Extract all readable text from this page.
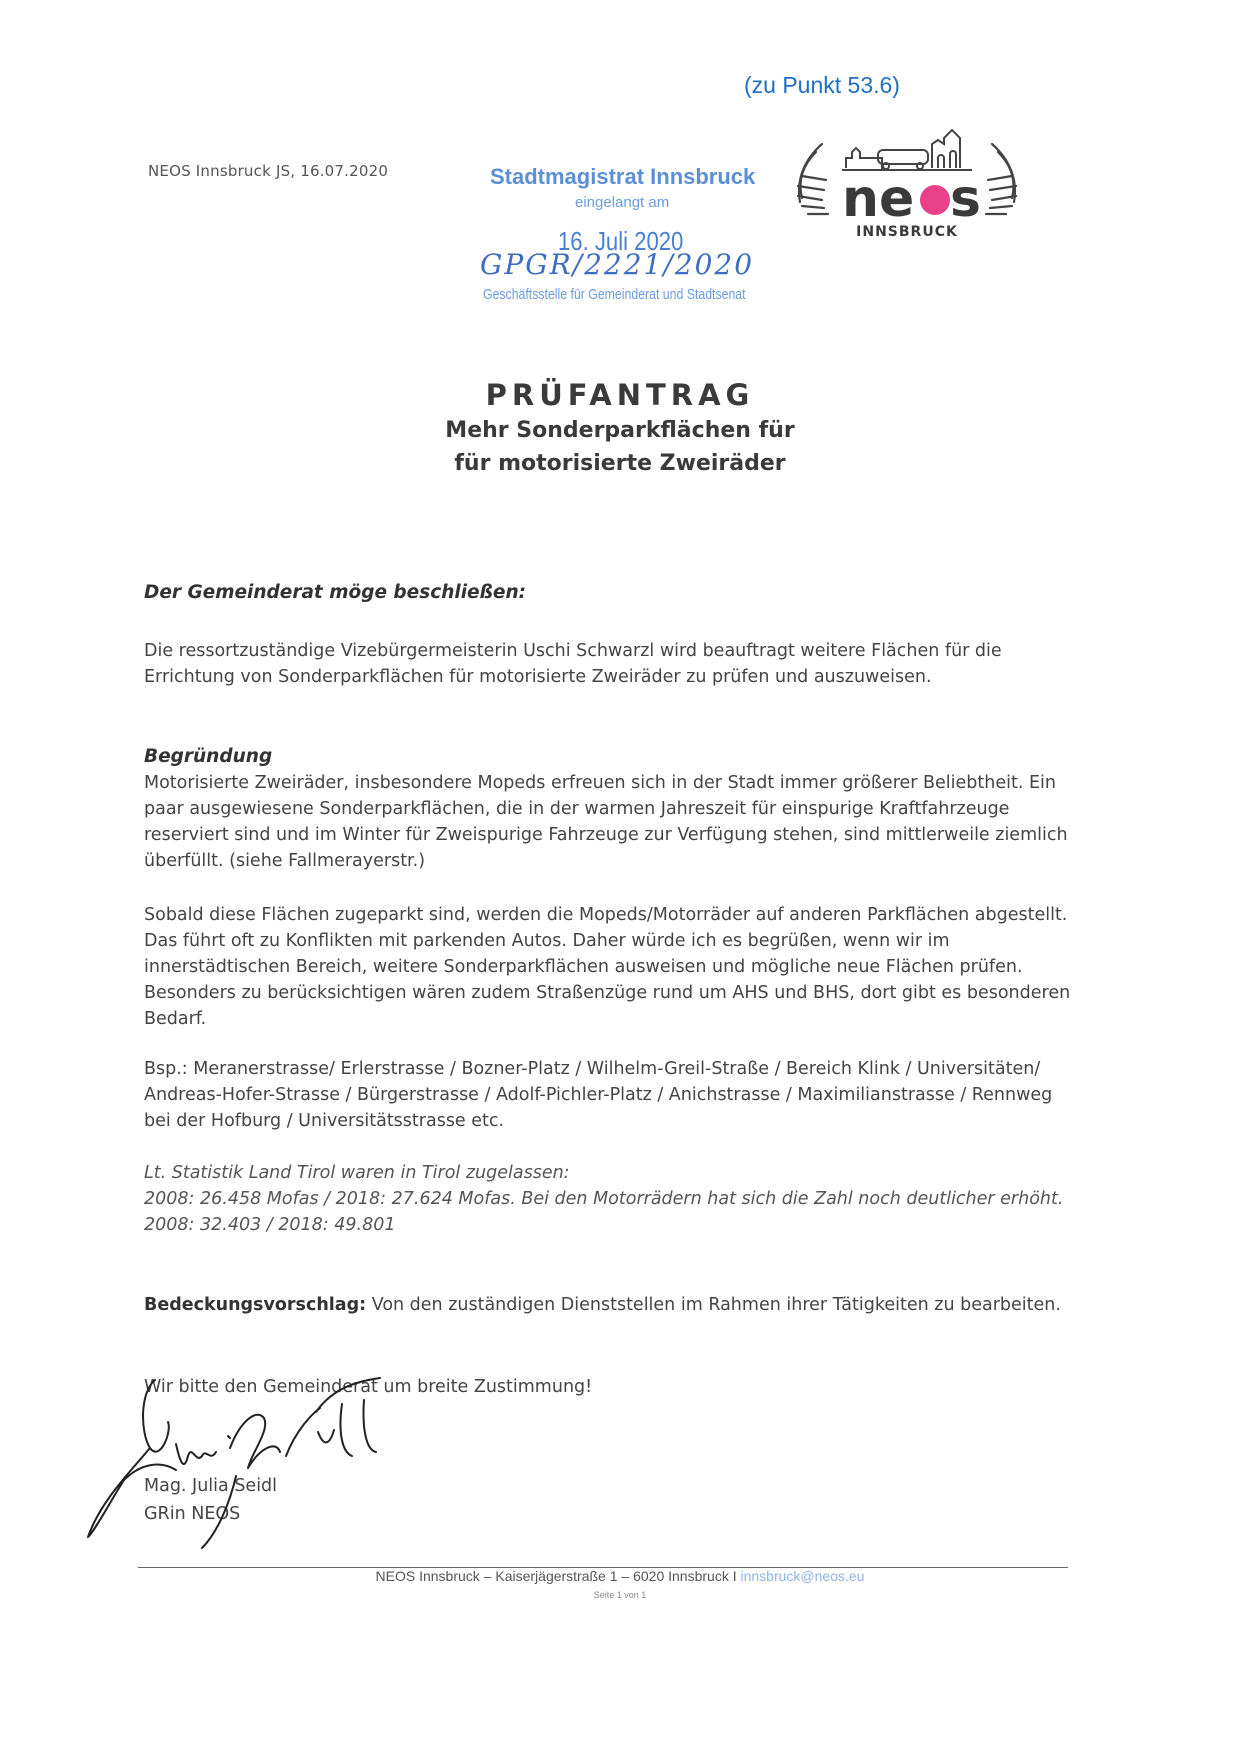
(zu Punkt 53.6)
NEOS Innsbruck JS, 16.07.2020	Stadtmagistrat Innsbruck
eingelangt am
16. Juli 2020
GPGR/2221/2020
Geschäftsstelle für Gemeinderat und Stadtsenat
ne s
INNSBRUCK
PRÜFANTRAG
Mehr Sonderparkflächen für
für motorisierte Zweiräder
Der Gemeinderat möge beschließen:
Die ressortzuständige Vizebürgermeisterin Uschi Schwarzl wird beauftragt weitere Flächen für die Errichtung von Sonderparkflächen für motorisierte Zweiräder zu prüfen und auszuweisen.
Begründung
Motorisierte Zweiräder, insbesondere Mopeds erfreuen sich in der Stadt immer größerer Beliebtheit. Ein paar ausgewiesene Sonderparkflächen, die in der warmen Jahreszeit für einspurige Kraftfahrzeuge reserviert sind und im Winter für Zweispurige Fahrzeuge zur Verfügung stehen, sind mittlerweile ziemlich überfüllt. (siehe Fallmerayerstr.)
Sobald diese Flächen zugeparkt sind, werden die Mopeds/Motorräder auf anderen Parkflächen abgestellt. Das führt oft zu Konflikten mit parkenden Autos. Daher würde ich es begrüßen, wenn wir im innerstädtischen Bereich, weitere Sonderparkflächen ausweisen und mögliche neue Flächen prüfen. Besonders zu berücksichtigen wären zudem Straßenzüge rund um AHS und BHS, dort gibt es besonderen Bedarf.
Bsp.: Meranerstrasse/ Erlerstrasse / Bozner-Platz / Wilhelm-Greil-Straße / Bereich Klink / Universitäten/ Andreas-Hofer-Strasse / Bürgerstrasse / Adolf-Pichler-Platz / Anichstrasse / Maximilianstrasse / Rennweg bei der Hofburg / Universitätsstrasse etc.
Lt. Statistik Land Tirol waren in Tirol zugelassen:
2008: 26.458 Mofas / 2018: 27.624 Mofas. Bei den Motorrädern hat sich die Zahl noch deutlicher erhöht. 2008: 32.403 / 2018: 49.801
Bedeckungsvorschlag: Von den zuständigen Dienststellen im Rahmen ihrer Tätigkeiten zu bearbeiten.
Wir bitte den Gemeinderat um breite Zustimmung!
Mag. Julia Seidl
GRin NEOS
NEOS Innsbruck – Kaiserjägerstraße 1 – 6020 Innsbruck I innsbruck@neos.eu
Seite 1 von 1
